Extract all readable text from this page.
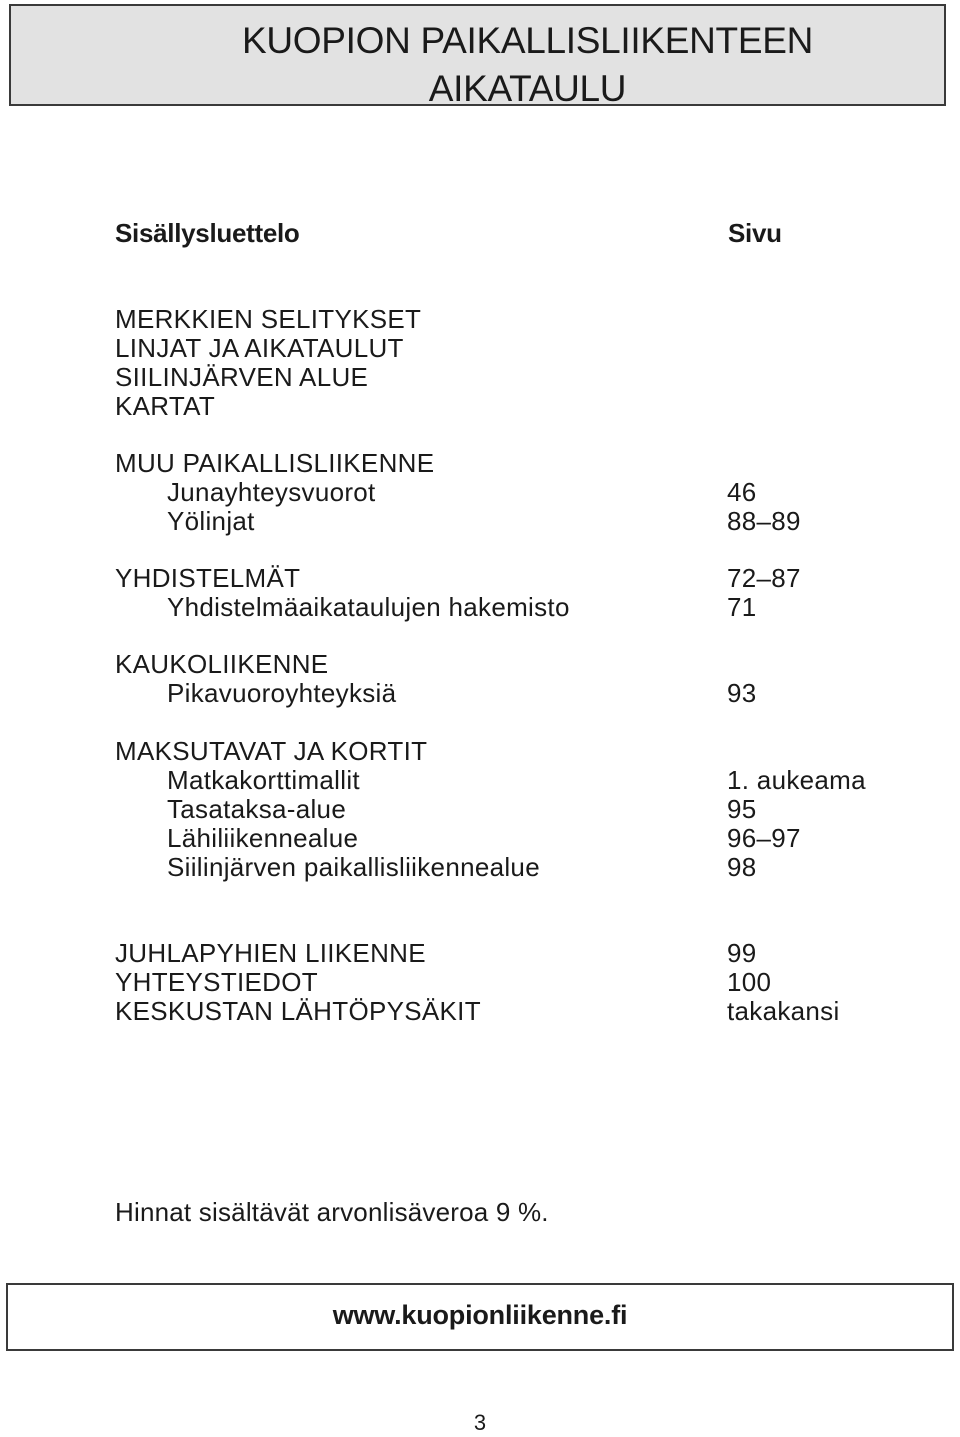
KUOPION PAIKALLISLIIKENTEEN
AIKATAULU
Sisällysluettelo	Sivu
MERKKIEN SELITYKSET
LINJAT JA AIKATAULUT
SIILINJÄRVEN ALUE
KARTAT
MUU PAIKALLISLIIKENNE
Junayhteysvuorot	46
Yölinjat	88–89
YHDISTELMÄT	72–87
Yhdistelmäaikataulujen hakemisto	71
KAUKOLIIKENNE
Pikavuoroyhteyksiä	93
MAKSUTAVAT JA KORTIT
Matkakorttimallit	1. aukeama
Tasataksa-alue	95
Lähiliikennealue	96–97
Siilinjärven paikallisliikennealue	98
JUHLAPYHIEN LIIKENNE	99
YHTEYSTIEDOT	100
KESKUSTAN LÄHTÖPYSÄKIT	takakansi
Hinnat sisältävät arvonlisäveroa 9 %.
www.kuopionliikenne.fi
3
